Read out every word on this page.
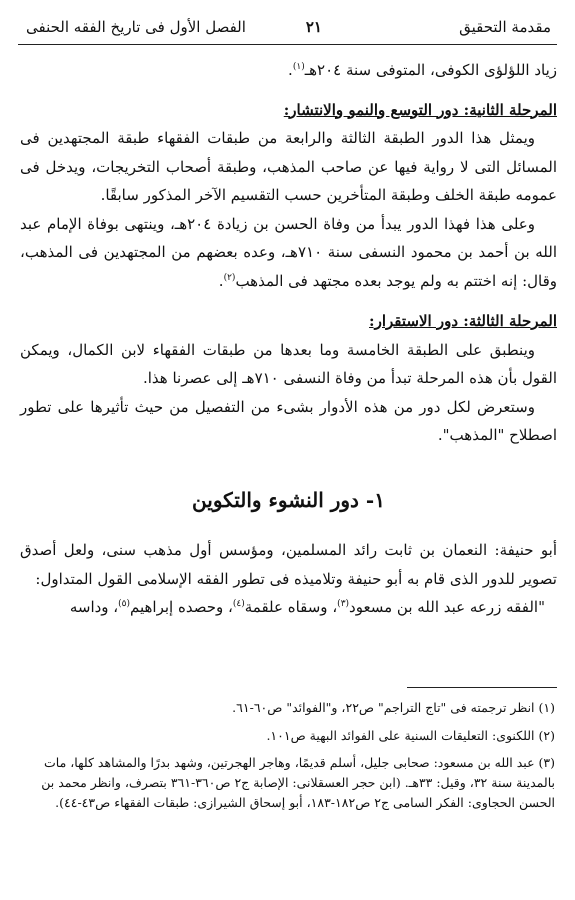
مقدمة التحقيق
٢١
الفصل الأول فى تاريخ الفقه الحنفى

زياد اللؤلؤى الكوفى، المتوفى سنة ٢٠٤هـ$^{(١)}$.

المرحلة الثانية: دور التوسع والنمو والانتشار:

ويمثل هذا الدور الطبقة الثالثة والرابعة من طبقات الفقهاء طبقة المجتهدين فى المسائل التى لا رواية فيها عن صاحب المذهب، وطبقة أصحاب التخريجات، ويدخل فى عمومه طبقة الخلف وطبقة المتأخرين حسب التقسيم الآخر المذكور سابقًا.

وعلى هذا فهذا الدور يبدأ من وفاة الحسن بن زيادة ٢٠٤هـ، وينتهى بوفاة الإمام عبد الله بن أحمد بن محمود النسفى سنة ٧١٠هـ، وعده بعضهم من المجتهدين فى المذهب، وقال: إنه اختتم به ولم يوجد بعده مجتهد فى المذهب$^{(٢)}$.

المرحلة الثالثة: دور الاستقرار:

وينطبق على الطبقة الخامسة وما بعدها من طبقات الفقهاء لابن الكمال، ويمكن القول بأن هذه المرحلة تبدأ من وفاة النسفى ٧١٠هـ إلى عصرنا هذا.

وستعرض لكل دور من هذه الأدوار بشىء من التفصيل من حيث تأثيرها على تطور اصطلاح "المذهب".

١- دور النشوء والتكوين

أبو حنيفة: النعمان بن ثابت رائد المسلمين، ومؤسس أول مذهب سنى، ولعل أصدق تصوير للدور الذى قام به أبو حنيفة وتلاميذه فى تطور الفقه الإسلامى القول المتداول:

"الفقه زرعه عبد الله بن مسعود$^{(٣)}$، وسقاه علقمة$^{(٤)}$، وحصده إبراهيم$^{(٥)}$، وداسه

(١) انظر ترجمته فى "تاج التراجم" ص٢٢، و"الفوائد" ص٦٠-٦١.

(٢) اللكنوى: التعليقات السنية على الفوائد البهية ص١٠١.

(٣) عبد الله بن مسعود: صحابى جليل، أسلم قديمًا، وهاجر الهجرتين، وشهد بدرًا والمشاهد كلها، مات بالمدينة سنة ٣٢، وقيل: ٣٣هـ. (ابن حجر العسقلانى: الإصابة ج٢ ص٣٦٠-٣٦١ بتصرف، وانظر محمد بن الحسن الحجاوى: الفكر السامى ج٢ ص١٨٢-١٨٣، أبو إسحاق الشيرازى: طبقات الفقهاء ص٤٣-٤٤).
